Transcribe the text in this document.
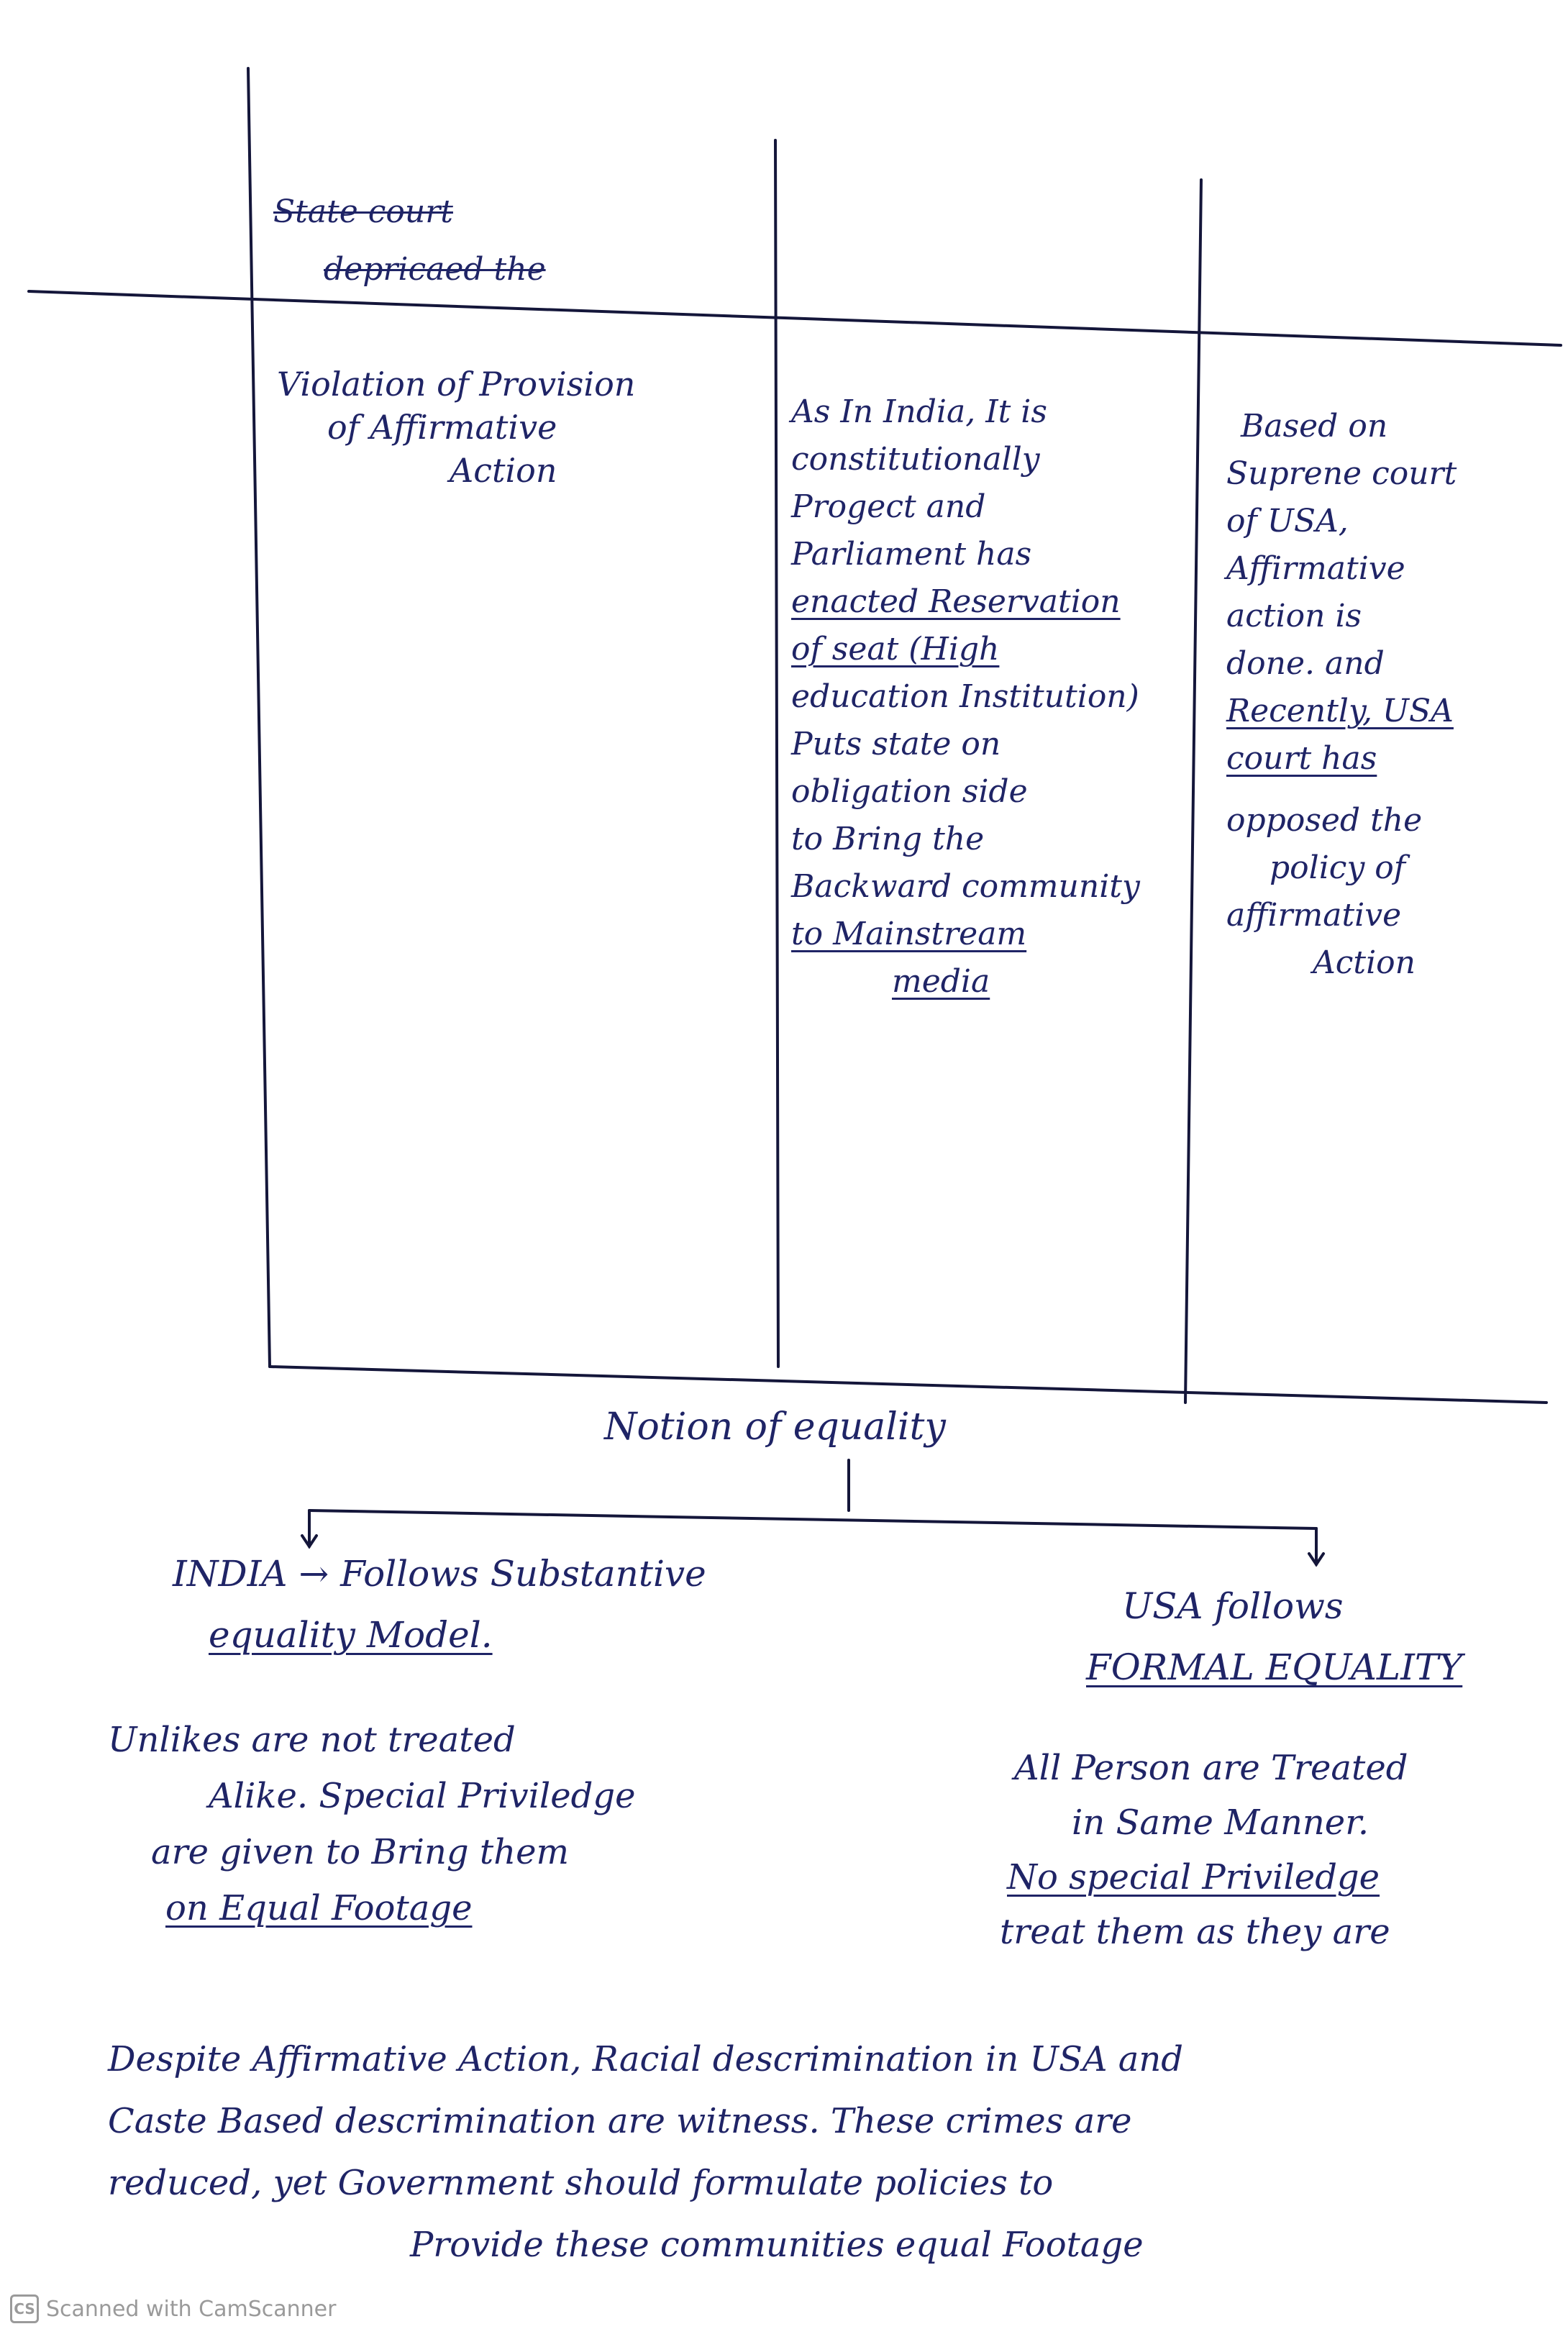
State court
depricaed the
Violation of Provision
of Affirmative
Action
As In India, It is
constitutionally
Progect and
Parliament has
enacted Reservation
of seat (High
education Institution)
Puts state on
obligation side
to Bring the
Backward community
to Mainstream
media
Based on
Suprene court
of USA,
Affirmative
action is
done. and
Recently, USA
court has
opposed the
policy of
affirmative
Action
Notion of equality
INDIA → Follows Substantive
equality Model.
Unlikes are not treated
Alike. Special Priviledge
are given to Bring them
on Equal Footage
USA follows
FORMAL EQUALITY
All Person are Treated
in Same Manner.
No special Priviledge
treat them as they are
Despite Affirmative Action, Racial descrimination in USA and
Caste Based descrimination are witness. These crimes are
reduced, yet Government should formulate policies to
Provide these communities equal Footage
CS Scanned with CamScanner
